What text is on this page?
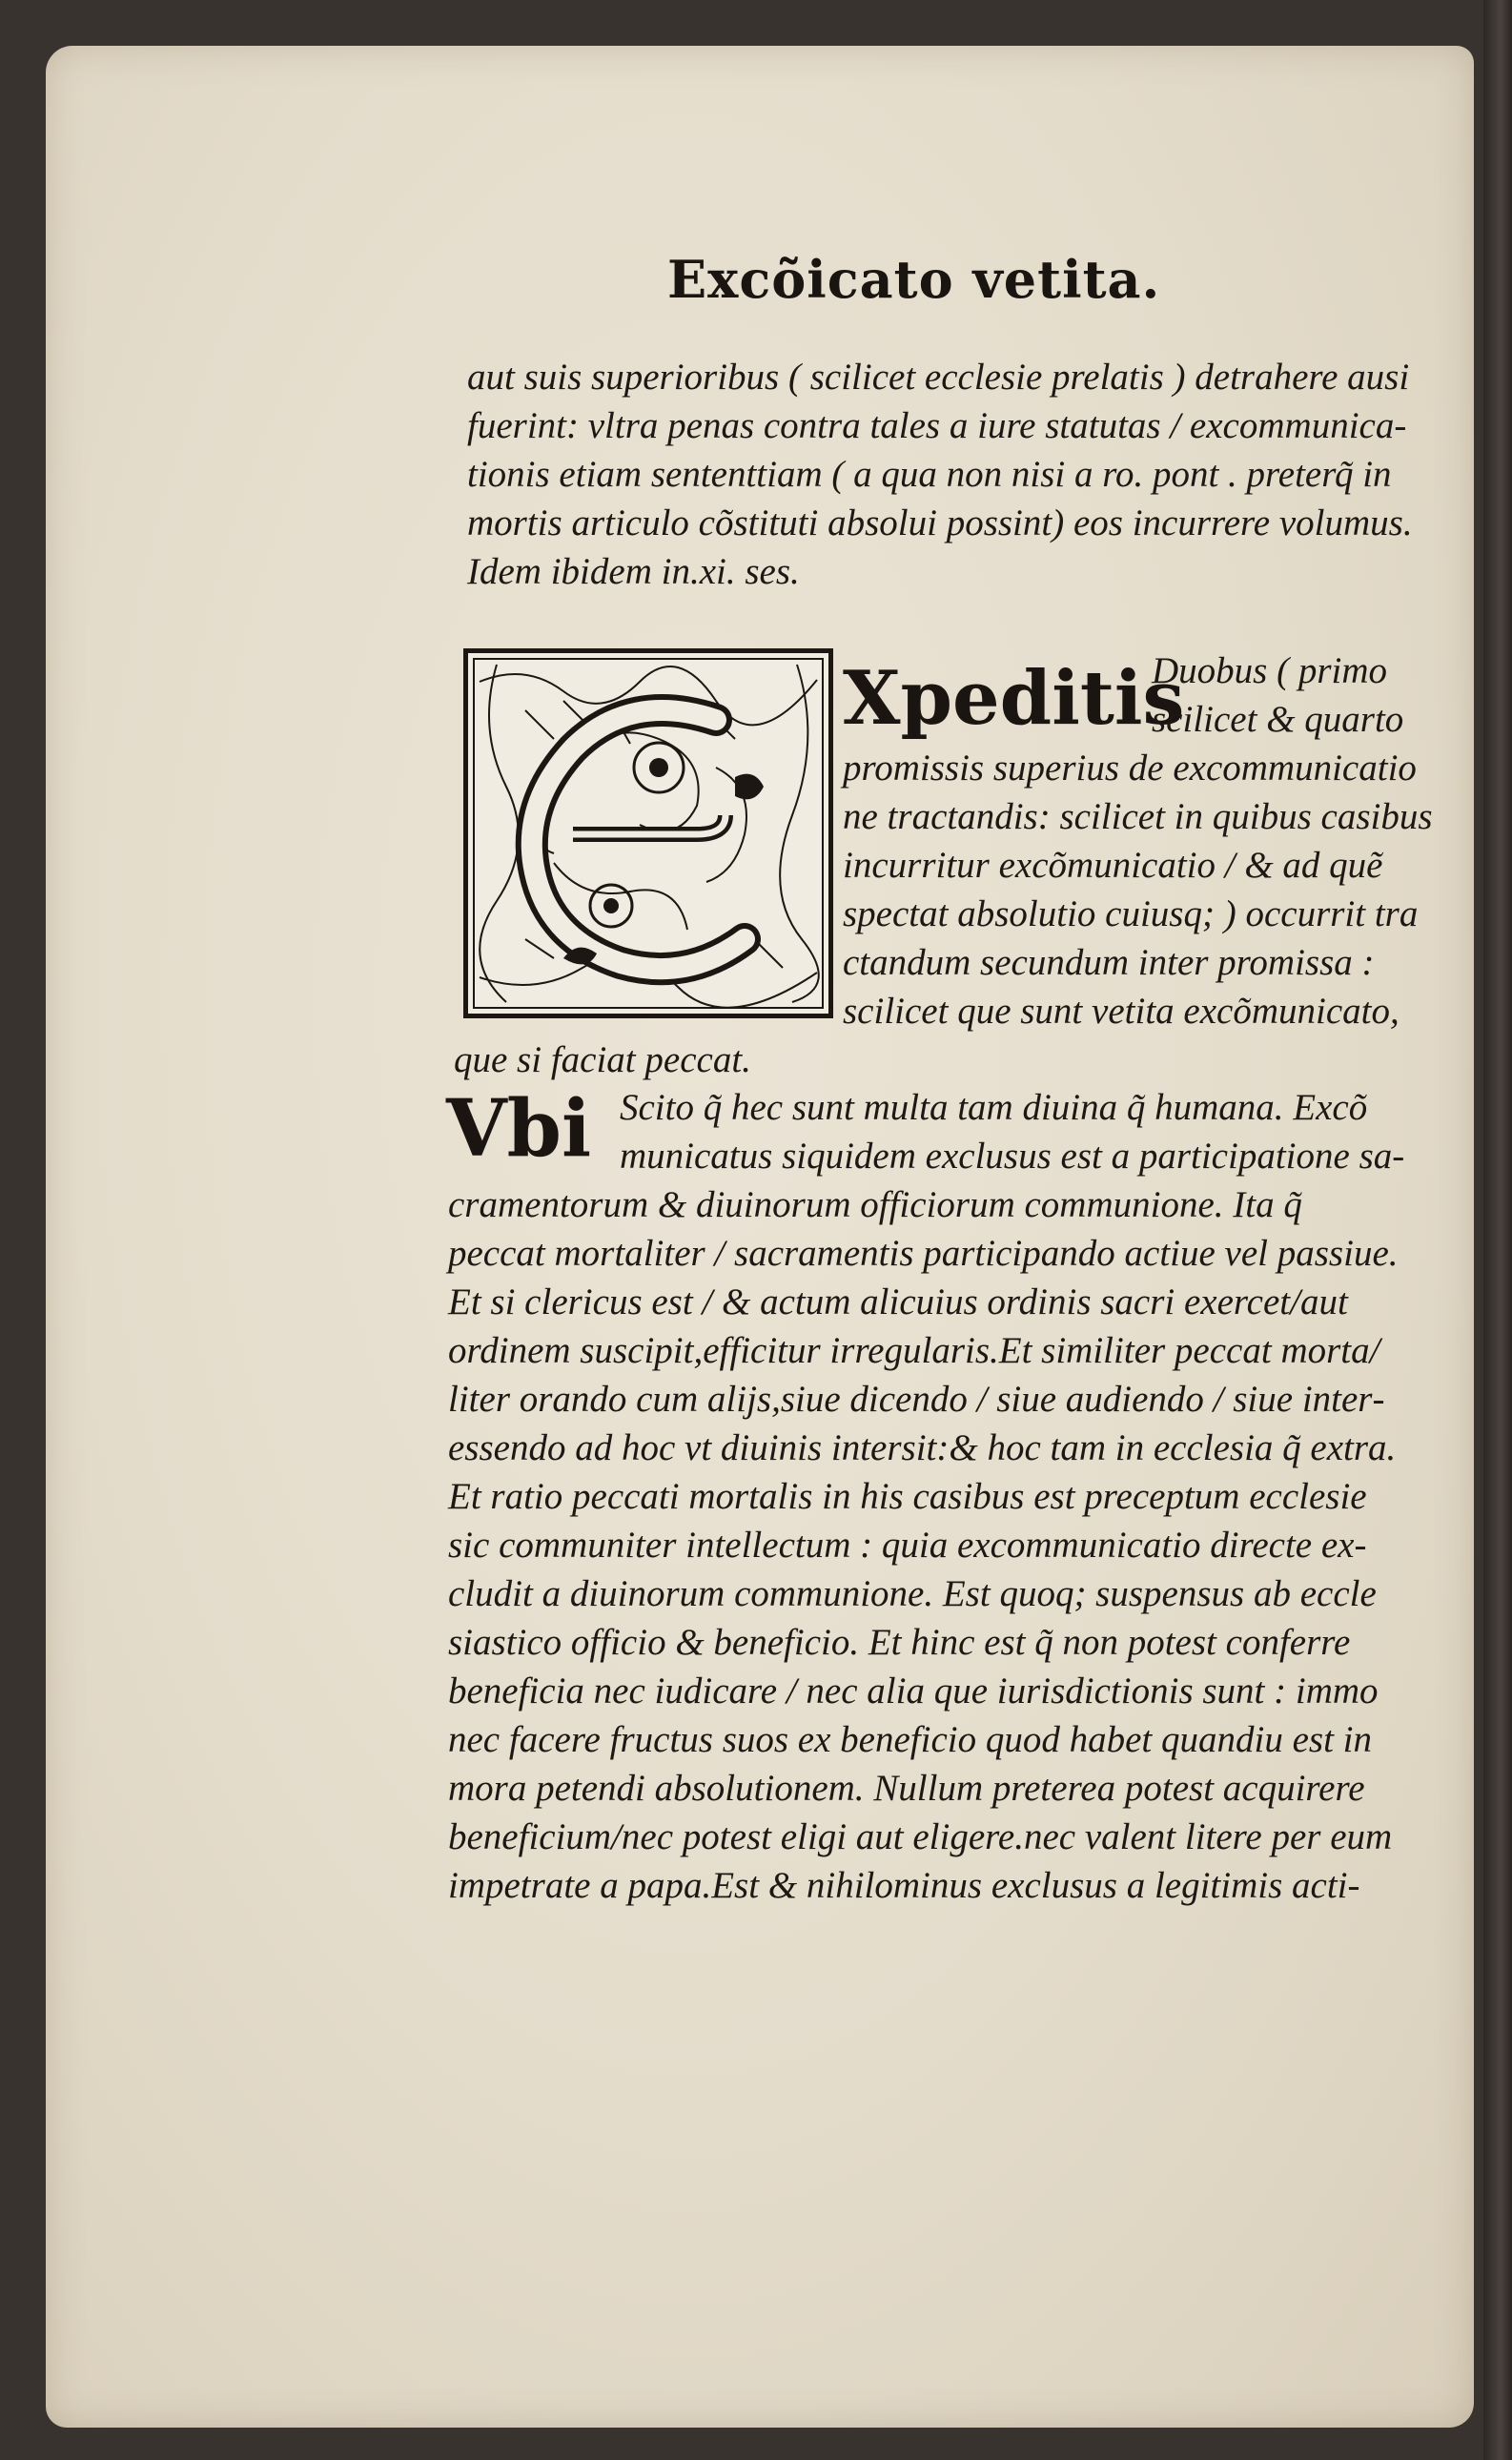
Excõicato vetita.
aut suis superioribus ( scilicet ecclesie prelatis ) detrahere ausi
fuerint: vltra penas contra tales a iure statutas / excommunica‑
tionis etiam sententtiam ( a qua non nisi a ro. pont . preterq̃ in
mortis articulo cõstituti absolui possint) eos incurrere volumus.
Idem ibidem in.xi. ses.
Xpeditis
Duobus ( primo
scilicet & quarto
promissis superius de excommunicatio
ne tractandis: scilicet in quibus casibus
incurritur excõmunicatio / & ad quẽ
spectat absolutio cuiusq; ) occurrit tra
ctandum secundum inter promissa :
scilicet que sunt vetita excõmunicato,
que si faciat peccat.
Vbi Scito q̃ hec sunt multa tam diuina q̃ humana. Excõ
municatus siquidem exclusus est a participatione sa‑
cramentorum & diuinorum officiorum communione. Ita q̃
peccat mortaliter / sacramentis participando actiue vel passiue.
Et si clericus est / & actum alicuius ordinis sacri exercet/aut
ordinem suscipit,efficitur irregularis.Et similiter peccat morta/
liter orando cum alijs,siue dicendo / siue audiendo / siue inter‑
essendo ad hoc vt diuinis intersit:& hoc tam in ecclesia q̃ extra.
Et ratio peccati mortalis in his casibus est preceptum ecclesie
sic communiter intellectum : quia excommunicatio directe ex‑
cludit a diuinorum communione. Est quoq; suspensus ab eccle
siastico officio & beneficio. Et hinc est q̃ non potest conferre
beneficia nec iudicare / nec alia que iurisdictionis sunt : immo
nec facere fructus suos ex beneficio quod habet quandiu est in
mora petendi absolutionem. Nullum preterea potest acquirere
beneficium/nec potest eligi aut eligere.nec valent litere per eum
impetrate a papa.Est & nihilominus exclusus a legitimis acti‑
